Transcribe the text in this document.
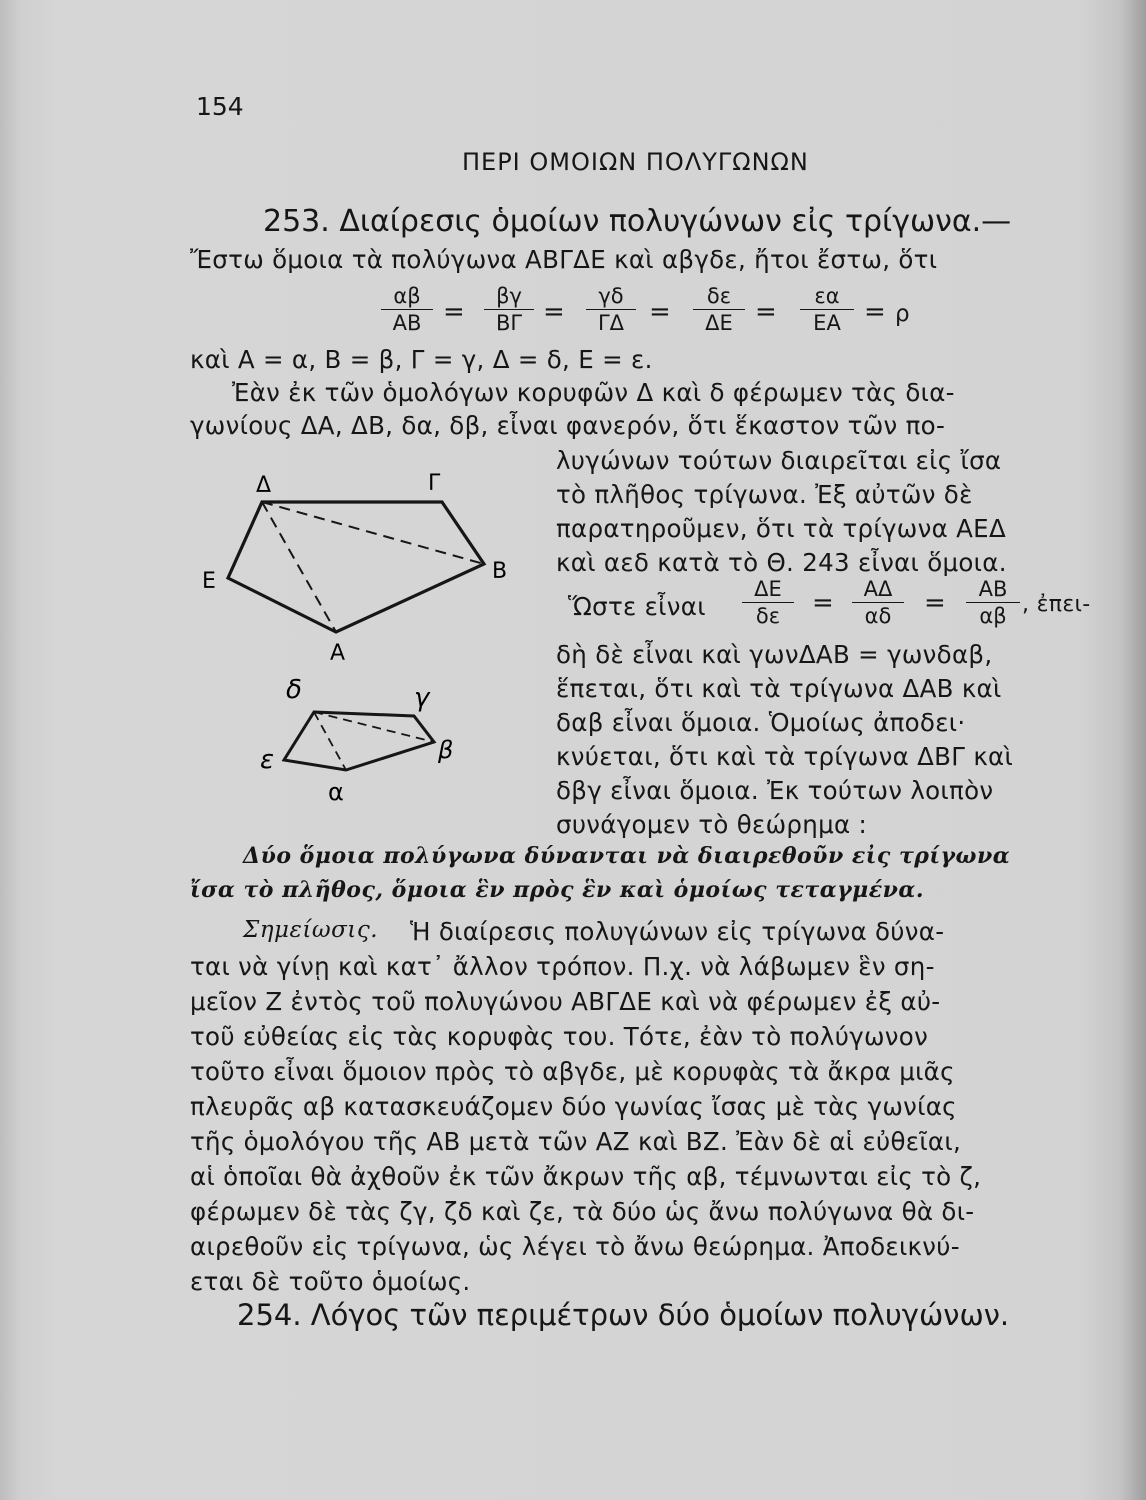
154
ΠΕΡΙ ΟΜΟΙΩΝ ΠΟΛΥΓΩΝΩΝ
253. Διαίρεσις ὁμοίων πολυγώνων εἰς τρίγωνα.—
Ἔστω ὅμοια τὰ πολύγωνα ΑΒΓΔΕ καὶ αβγδε, ἤτοι ἔστω, ὅτι
αβ
ΑΒ =
βγ
ΒΓ =
γδ
ΓΔ =
δε
ΔΕ =
εα
ΕΑ = ρ
καὶ Α = α, Β = β, Γ = γ, Δ = δ, Ε = ε.
Ἐὰν ἐκ τῶν ὁμολόγων κορυφῶν Δ καὶ δ φέρωμεν τὰς δια-
γωνίους ΔΑ, ΔΒ, δα, δβ, εἶναι φανερόν, ὅτι ἕκαστον τῶν πο-
λυγώνων τούτων διαιρεῖται εἰς ἴσα
τὸ πλῆθος τρίγωνα. Ἐξ αὐτῶν δὲ
παρατηροῦμεν, ὅτι τὰ τρίγωνα ΑΕΔ
καὶ αεδ κατὰ τὸ Θ. 243 εἶναι ὅμοια.
Ὥστε εἶναι
ΔΕ
δε	=	ΑΔ
αδ	=	ΑΒ
αβ , ἐπει-
δὴ δὲ εἶναι καὶ γωνΔΑΒ = γωνδαβ,
ἕπεται, ὅτι καὶ τὰ τρίγωνα ΔΑΒ καὶ
δαβ εἶναι ὅμοια. Ὁμοίως ἀποδει·
κνύεται, ὅτι καὶ τὰ τρίγωνα ΔΒΓ καὶ
δβγ εἶναι ὅμοια. Ἐκ τούτων λοιπὸν
συνάγομεν τὸ θεώρημα :
Δ	Γ
Ε	Β
Α
δ	γ
ε	β
α
Δύο ὅμοια πολύγωνα δύνανται νὰ διαιρεθοῦν εἰς τρίγωνα
ἴσα τὸ πλῆθος, ὅμοια ἓν πρὸς ἓν καὶ ὁμοίως τεταγμένα.
Σημείωσις. Ἡ διαίρεσις πολυγώνων εἰς τρίγωνα δύνα-
ται νὰ γίνῃ καὶ κατ᾽ ἄλλον τρόπον. Π.χ. νὰ λάβωμεν ἓν ση-
μεῖον Ζ ἐντὸς τοῦ πολυγώνου ΑΒΓΔΕ καὶ νὰ φέρωμεν ἐξ αὐ-
τοῦ εὐθείας εἰς τὰς κορυφὰς του. Τότε, ἐὰν τὸ πολύγωνον
τοῦτο εἶναι ὅμοιον πρὸς τὸ αβγδε, μὲ κορυφὰς τὰ ἄκρα μιᾶς
πλευρᾶς αβ κατασκευάζομεν δύο γωνίας ἴσας μὲ τὰς γωνίας
τῆς ὁμολόγου τῆς ΑΒ μετὰ τῶν ΑΖ καὶ ΒΖ. Ἐὰν δὲ αἱ εὐθεῖαι,
αἱ ὁποῖαι θὰ ἀχθοῦν ἐκ τῶν ἄκρων τῆς αβ, τέμνωνται εἰς τὸ ζ,
φέρωμεν δὲ τὰς ζγ, ζδ καὶ ζε, τὰ δύο ὡς ἄνω πολύγωνα θὰ δι-
αιρεθοῦν εἰς τρίγωνα, ὡς λέγει τὸ ἄνω θεώρημα. Ἀποδεικνύ-
εται δὲ τοῦτο ὁμοίως.
254. Λόγος τῶν περιμέτρων δύο ὁμοίων πολυγώνων.
